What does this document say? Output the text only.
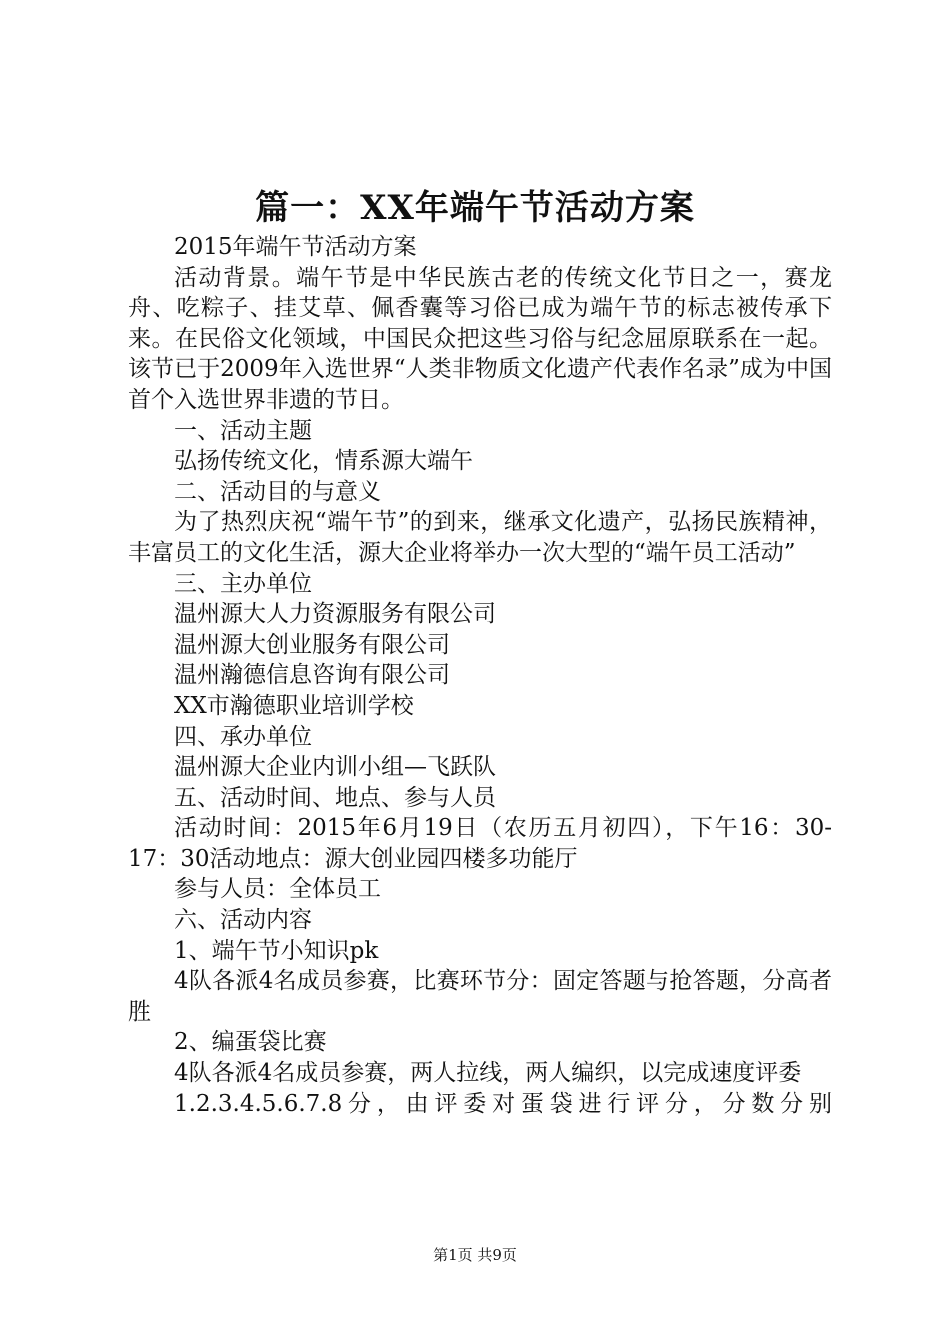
篇一：XX年端午节活动方案

2015年端午节活动方案

活动背景。端午节是中华民族古老的传统文化节日之一，赛龙舟、吃粽子、挂艾草、佩香囊等习俗已成为端午节的标志被传承下来。在民俗文化领域，中国民众把这些习俗与纪念屈原联系在一起。该节已于2009年入选世界“人类非物质文化遗产代表作名录”成为中国首个入选世界非遗的节日。

一、活动主题

弘扬传统文化，情系源大端午

二、活动目的与意义

为了热烈庆祝“端午节”的到来，继承文化遗产，弘扬民族精神，丰富员工的文化生活，源大企业将举办一次大型的“端午员工活动”

三、主办单位

温州源大人力资源服务有限公司

温州源大创业服务有限公司

温州瀚德信息咨询有限公司

XX市瀚德职业培训学校

四、承办单位

温州源大企业内训小组—飞跃队

五、活动时间、地点、参与人员

活动时间：2015年6月19日（农历五月初四），下午16：30-17：30活动地点：源大创业园四楼多功能厅

参与人员：全体员工

六、活动内容

1、端午节小知识pk

4队各派4名成员参赛，比赛环节分：固定答题与抢答题，分高者胜

2、编蛋袋比赛

4队各派4名成员参赛，两人拉线，两人编织，以完成速度评委

1.2.3.4.5.6.7.8分，由评委对蛋袋进行评分，分数分别

第1页 共9页
